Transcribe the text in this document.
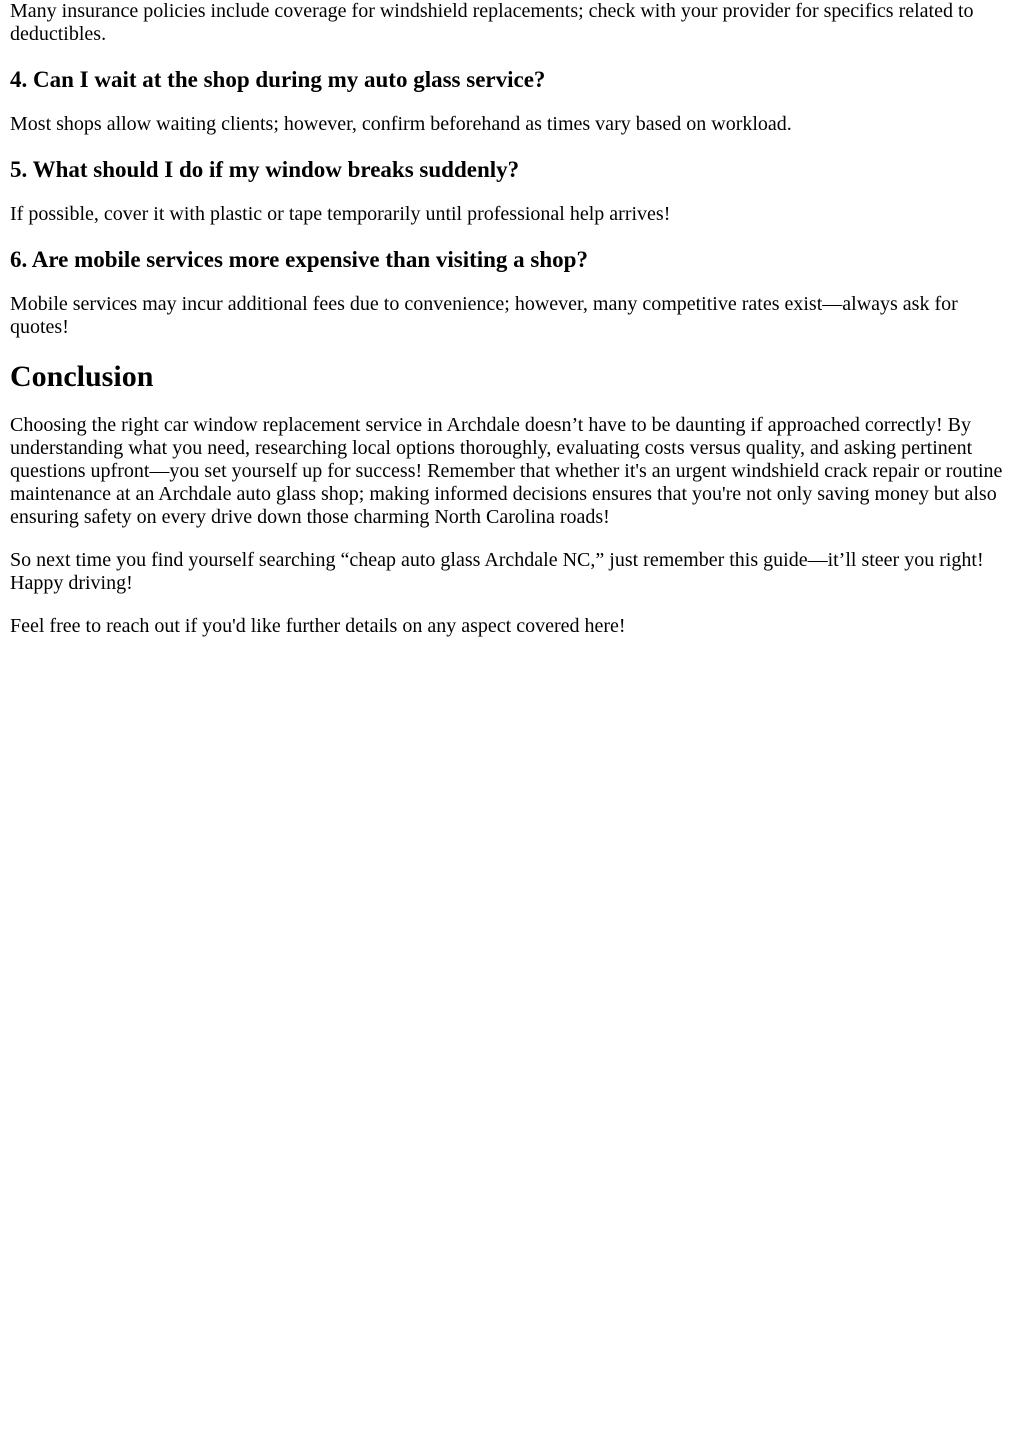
Many insurance policies include coverage for windshield replacements; check with your provider for specifics related to deductibles.

4. Can I wait at the shop during my auto glass service?

Most shops allow waiting clients; however, confirm beforehand as times vary based on workload.

5. What should I do if my window breaks suddenly?

If possible, cover it with plastic or tape temporarily until professional help arrives!

6. Are mobile services more expensive than visiting a shop?

Mobile services may incur additional fees due to convenience; however, many competitive rates exist—always ask for quotes!

Conclusion

Choosing the right car window replacement service in Archdale doesn’t have to be daunting if approached correctly! By understanding what you need, researching local options thoroughly, evaluating costs versus quality, and asking pertinent questions upfront—you set yourself up for success! Remember that whether it's an urgent windshield crack repair or routine maintenance at an Archdale auto glass shop; making informed decisions ensures that you're not only saving money but also ensuring safety on every drive down those charming North Carolina roads!

So next time you find yourself searching “cheap auto glass Archdale NC,” just remember this guide—it’ll steer you right! Happy driving!

Feel free to reach out if you'd like further details on any aspect covered here!
